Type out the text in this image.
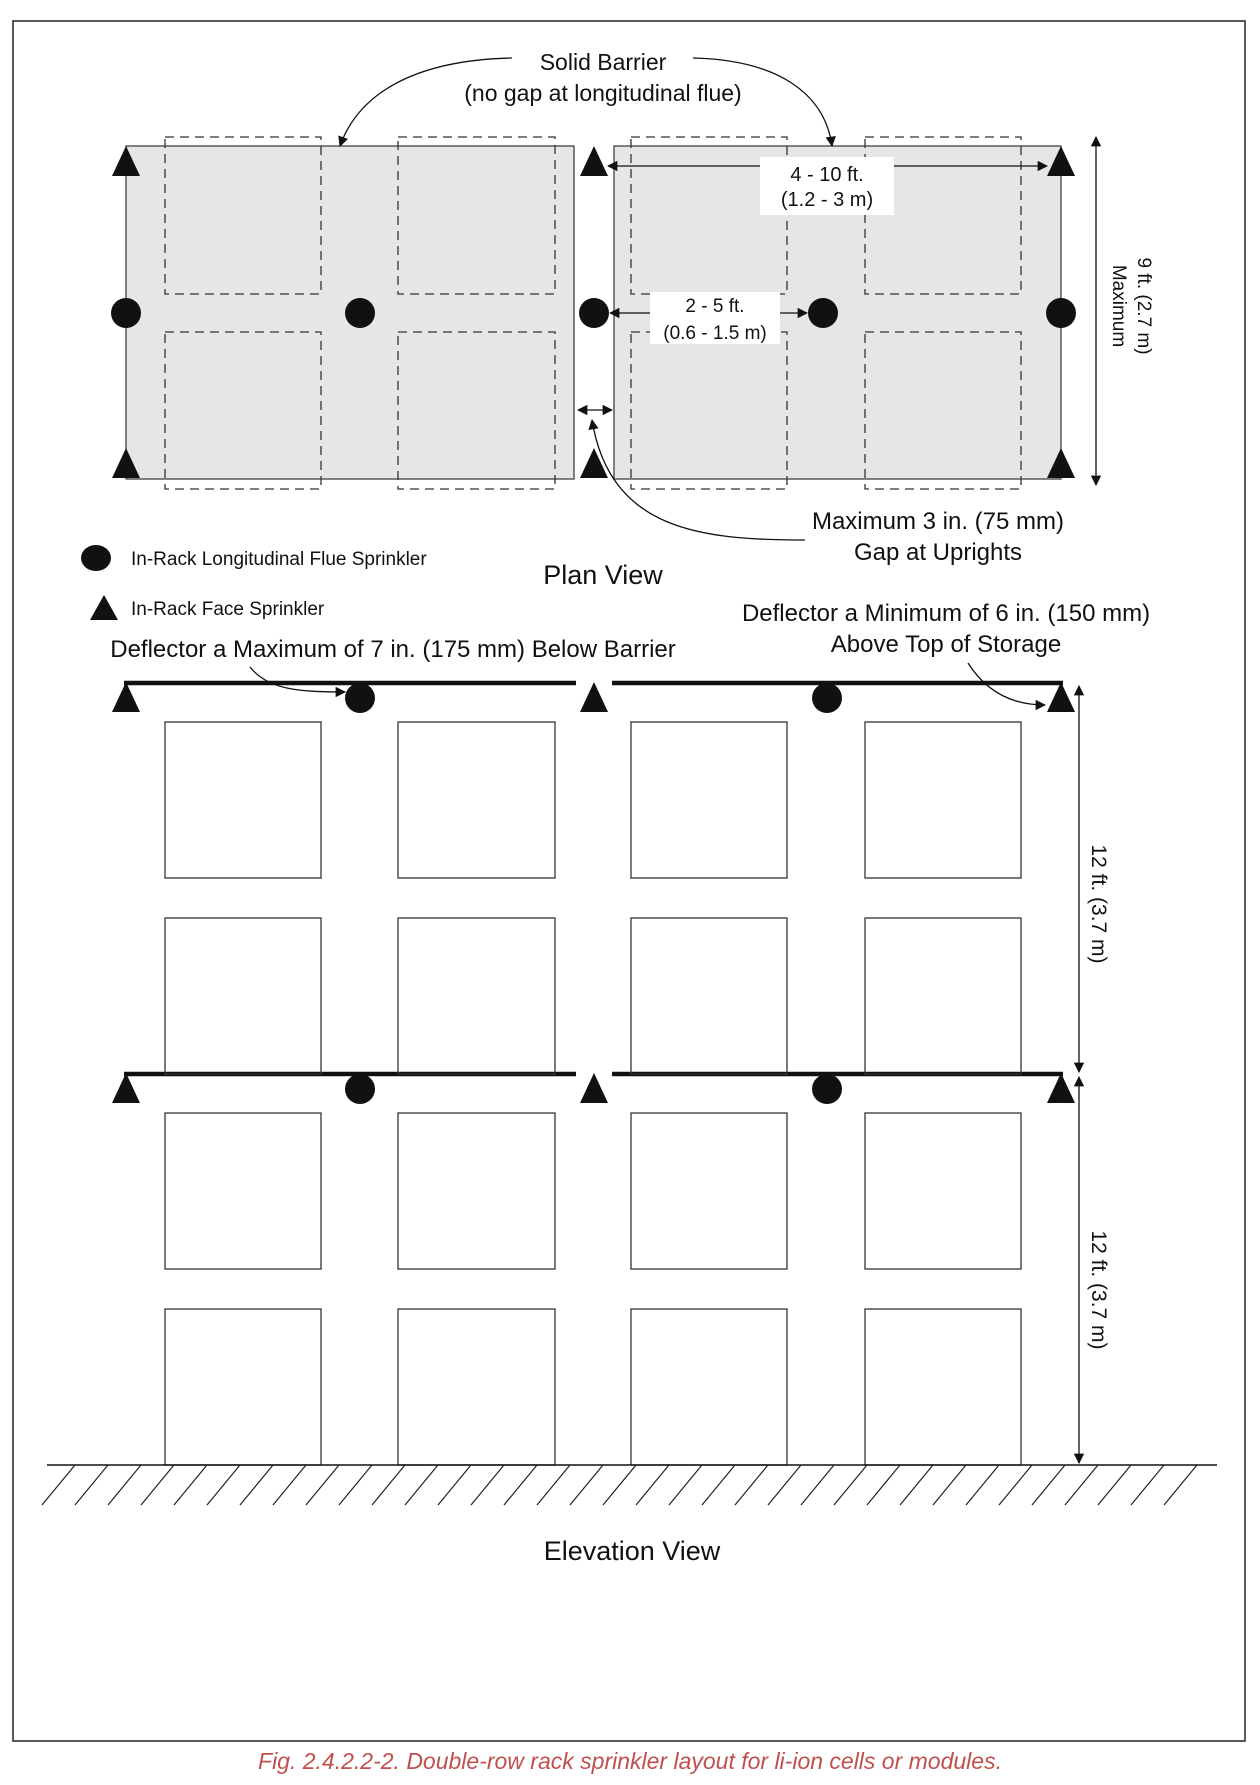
Solid Barrier
(no gap at longitudinal flue)
4 - 10 ft.
(1.2 - 3 m)
2 - 5 ft.
(0.6 - 1.5 m)	9 ft. (2.7 m)
Maximum
Maximum 3 in. (75 mm)
Gap at Uprights
Plan View
In-Rack Longitudinal Flue Sprinkler
In-Rack Face Sprinkler
Deflector a Maximum of 7 in. (175 mm) Below Barrier
Deflector a Minimum of 6 in. (150 mm)
Above Top of Storage
12 ft. (3.7 m)
12 ft. (3.7 m)
Elevation View
Fig. 2.4.2.2-2. Double-row rack sprinkler layout for li-ion cells or modules.
